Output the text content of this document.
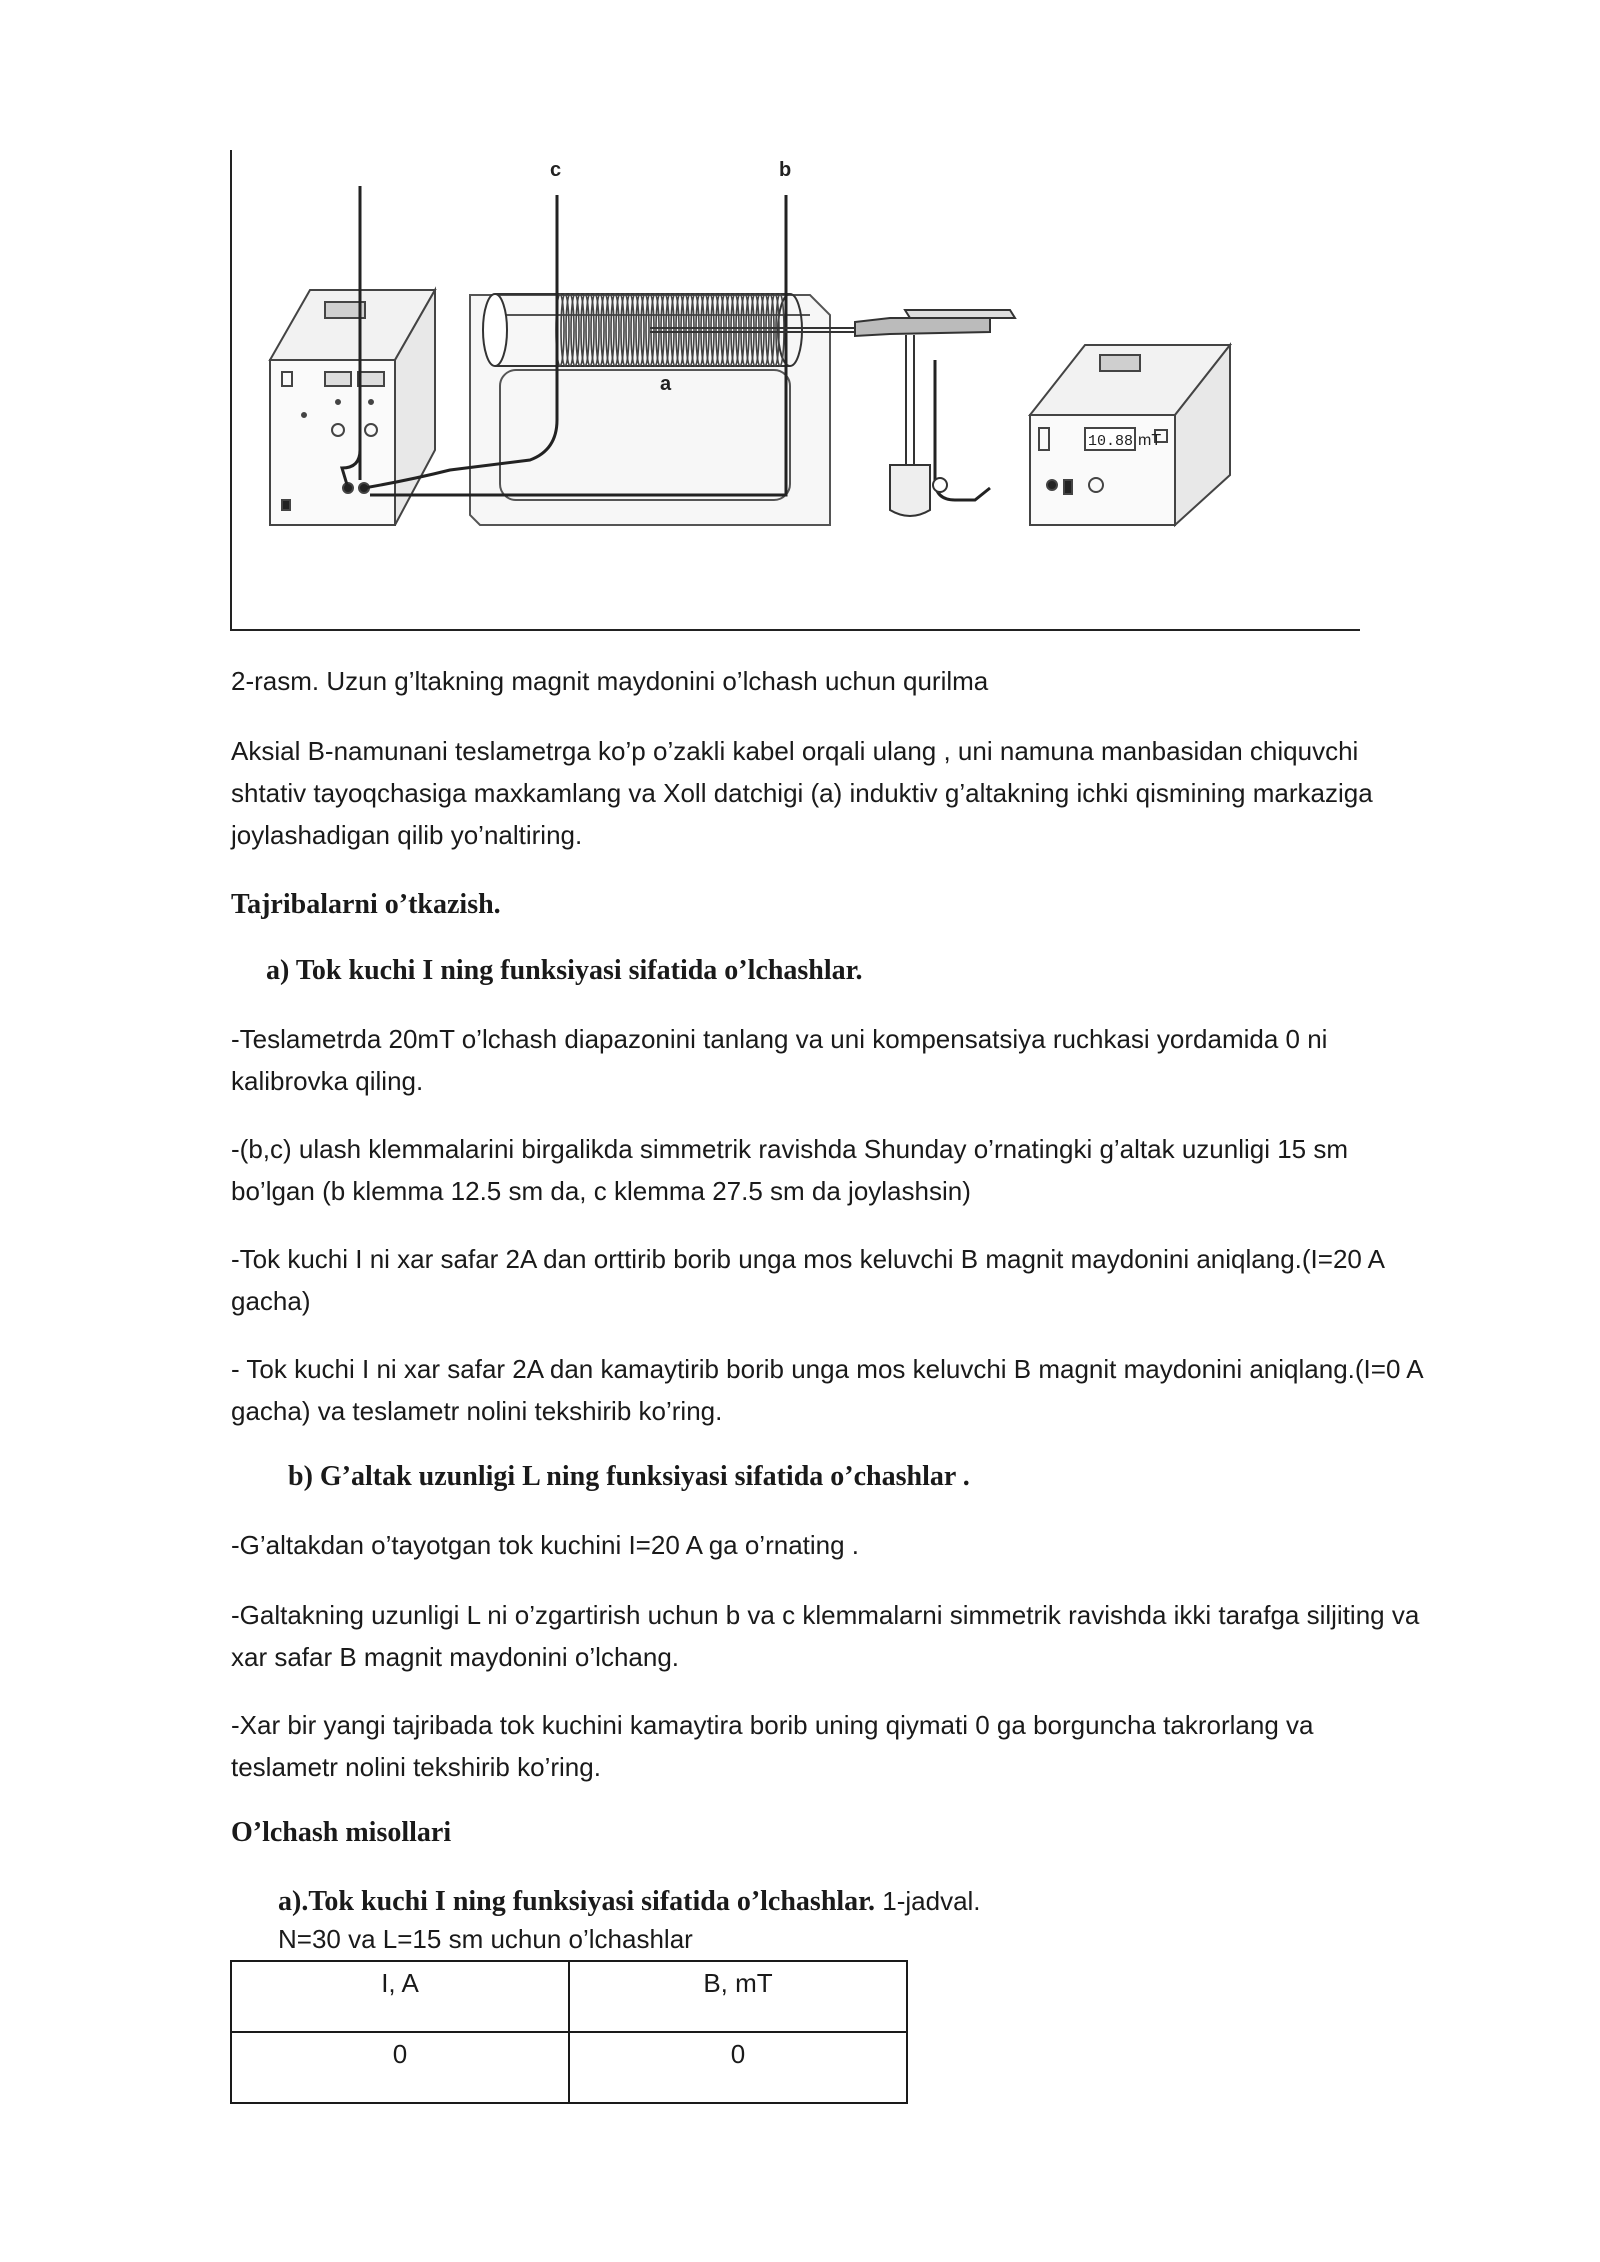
c	b
a
10.88 mT
2-rasm. Uzun g’ltakning magnit maydonini o’lchash uchun qurilma
Aksial B-namunani teslametrga ko’p o’zakli kabel orqali ulang , uni namuna manbasidan chiquvchi
shtativ tayoqchasiga maxkamlang va Xoll datchigi (a) induktiv g’altakning ichki qismining markaziga
joylashadigan qilib yo’naltiring.
Tajribalarni o’tkazish.
a) Tok kuchi I ning funksiyasi sifatida o’lchashlar.
-Teslametrda 20mT o’lchash diapazonini tanlang va uni kompensatsiya ruchkasi yordamida 0 ni
kalibrovka qiling.
-(b,c) ulash klemmalarini birgalikda simmetrik ravishda Shunday o’rnatingki g’altak uzunligi 15 sm
bo’lgan (b klemma 12.5 sm da, c klemma 27.5 sm da joylashsin)
-Tok kuchi I ni xar safar 2A dan orttirib borib unga mos keluvchi B magnit maydonini aniqlang.(I=20 A
gacha)
- Tok kuchi I ni xar safar 2A dan kamaytirib borib unga mos keluvchi B magnit maydonini aniqlang.(I=0 A
gacha) va teslametr nolini tekshirib ko’ring.
b) G’altak uzunligi L ning funksiyasi sifatida o’chashlar .
-G’altakdan o’tayotgan tok kuchini I=20 A ga o’rnating .
-Galtakning uzunligi L ni o’zgartirish uchun b va c klemmalarni simmetrik ravishda ikki tarafga siljiting va
xar safar B magnit maydonini o’lchang.
-Xar bir yangi tajribada tok kuchini kamaytira borib uning qiymati 0 ga borguncha takrorlang va
teslametr nolini tekshirib ko’ring.
O’lchash misollari
a).Tok kuchi I ning funksiyasi sifatida o’lchashlar. 1-jadval.
N=30 va L=15 sm uchun o’lchashlar
I, A	B, mT
0	0
